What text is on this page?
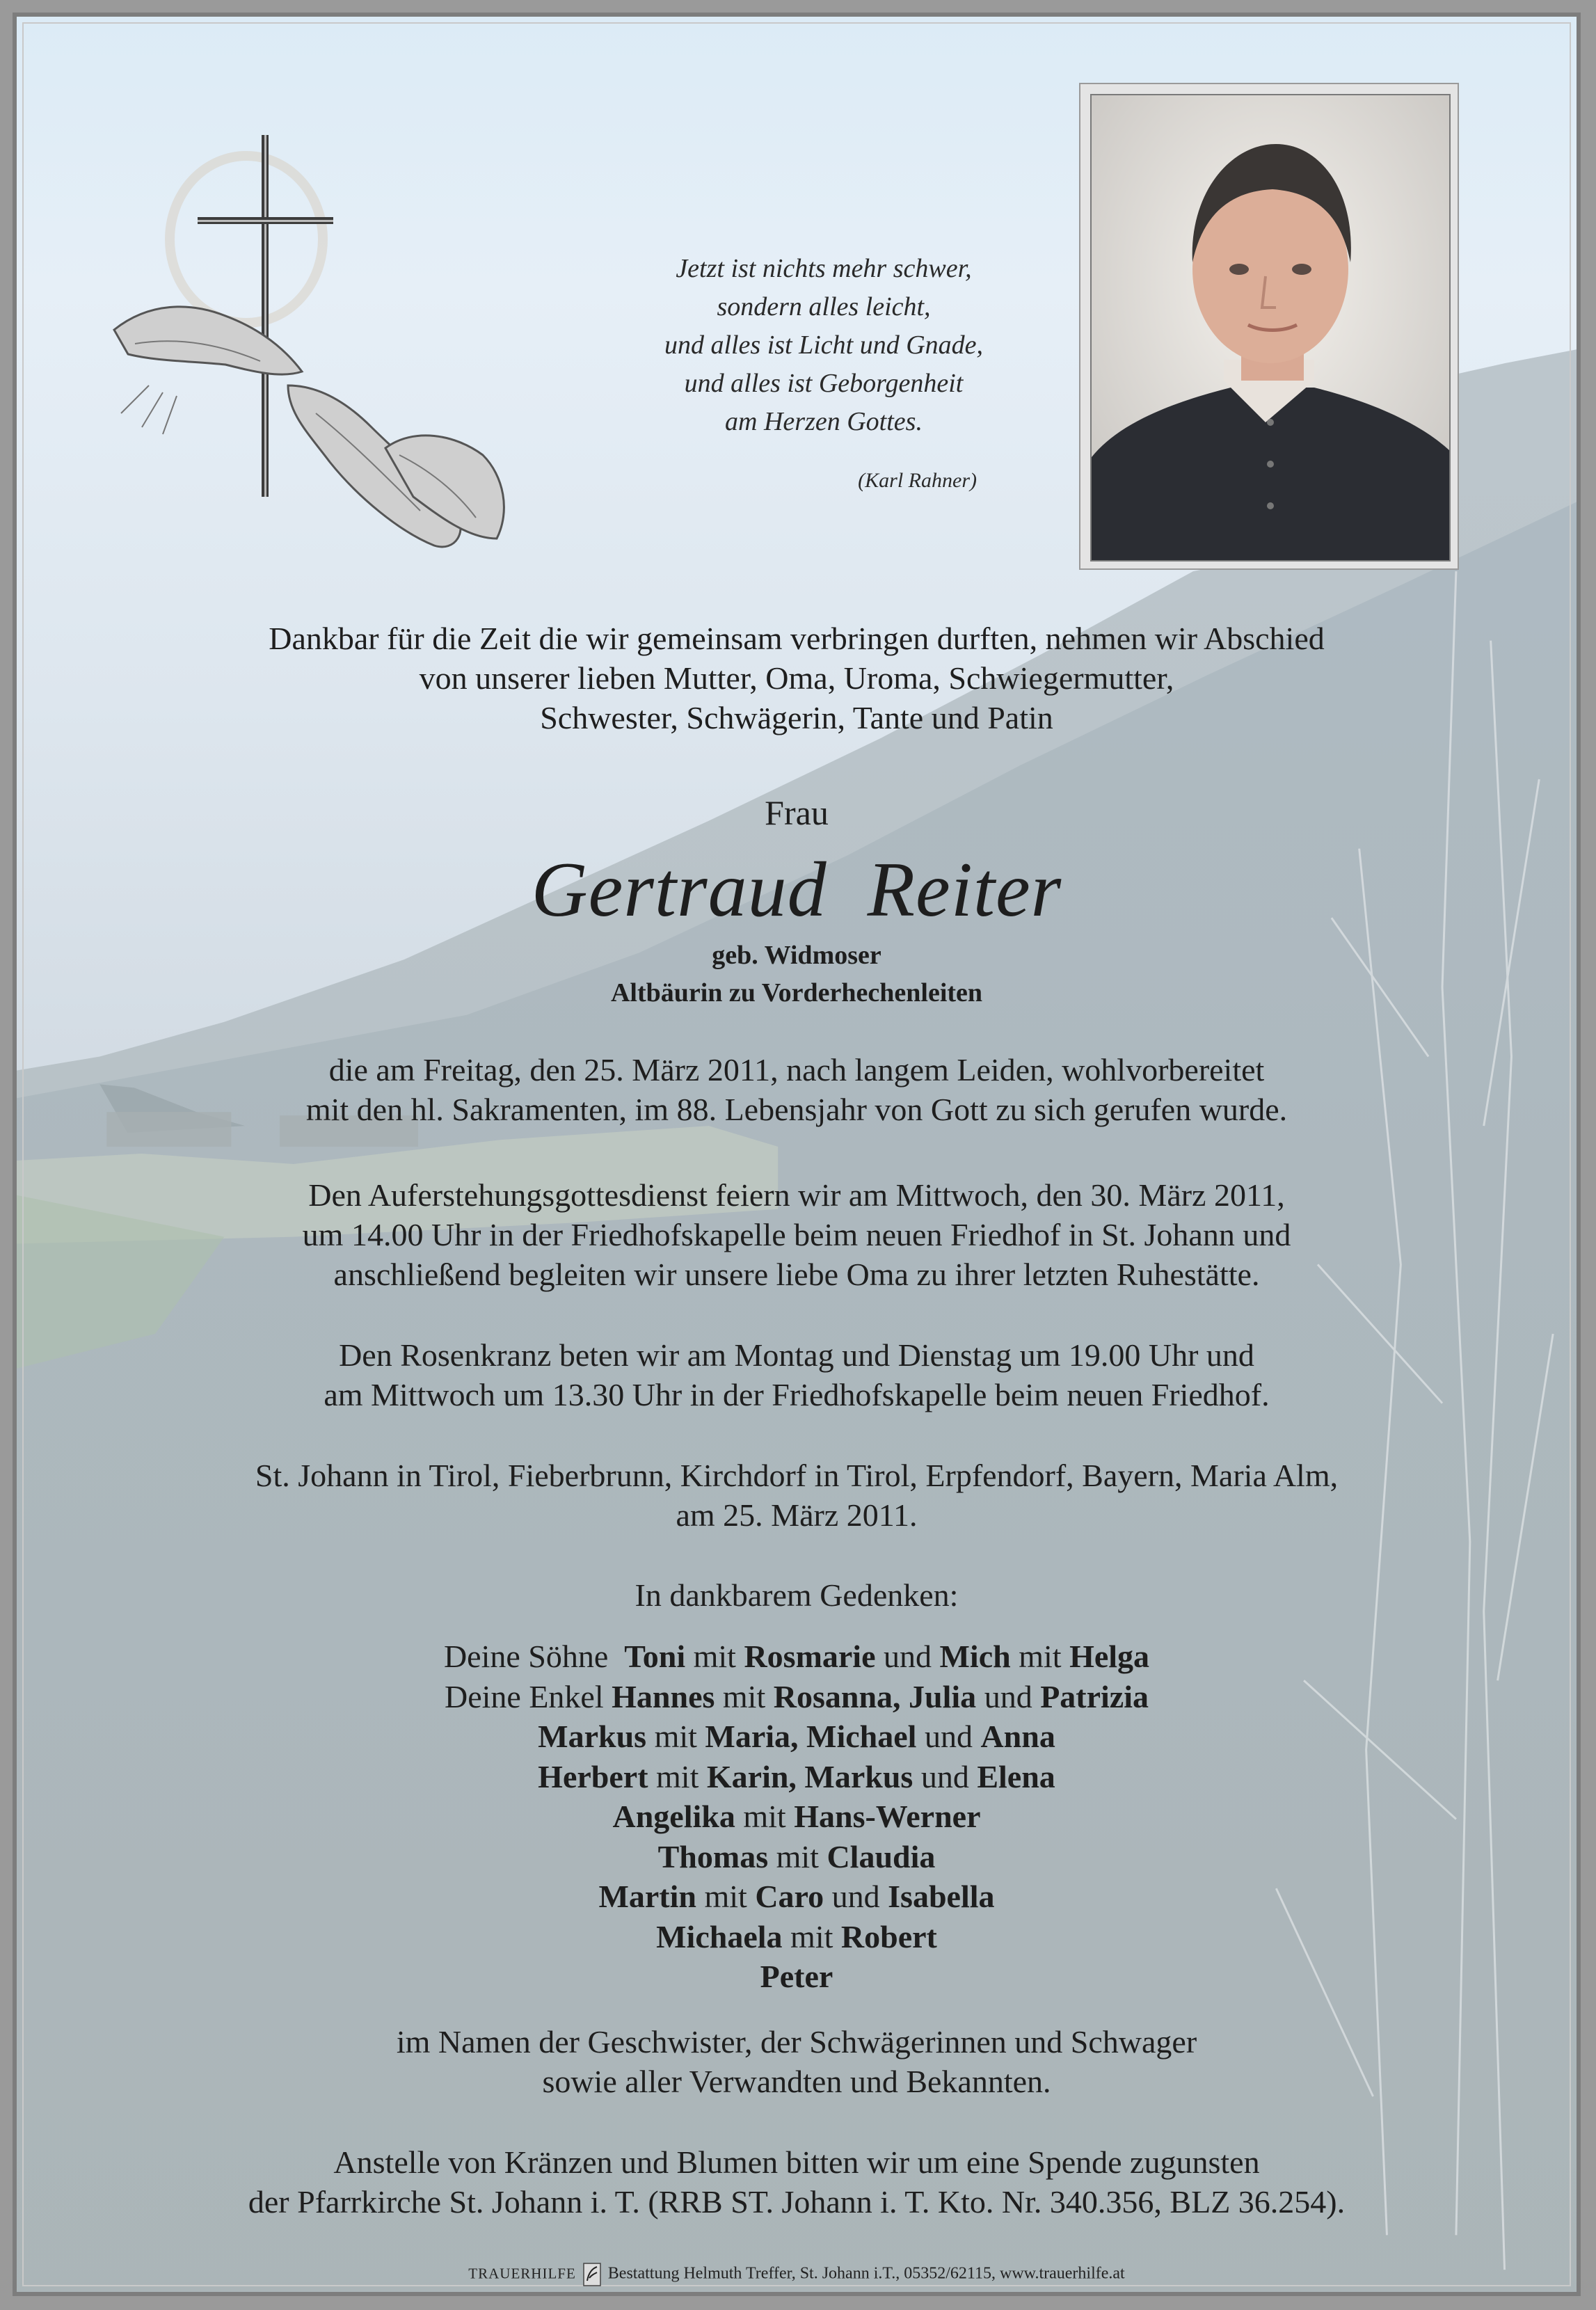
Jetzt ist nichts mehr schwer,
sondern alles leicht,
und alles ist Licht und Gnade,
und alles ist Geborgenheit
am Herzen Gottes.
(Karl Rahner)
Dankbar für die Zeit die wir gemeinsam verbringen durften, nehmen wir Abschied
von unserer lieben Mutter, Oma, Uroma, Schwiegermutter,
Schwester, Schwägerin, Tante und Patin
Frau
Gertraud  Reiter
geb. Widmoser
Altbäurin zu Vorderhechenleiten
die am Freitag, den 25. März 2011, nach langem Leiden, wohlvorbereitet
mit den hl. Sakramenten, im 88. Lebensjahr von Gott zu sich gerufen wurde.
Den Auferstehungsgottesdienst feiern wir am Mittwoch, den 30. März 2011,
um 14.00 Uhr in der Friedhofskapelle beim neuen Friedhof in St. Johann und
anschließend begleiten wir unsere liebe Oma zu ihrer letzten Ruhestätte.
Den Rosenkranz beten wir am Montag und Dienstag um 19.00 Uhr und
am Mittwoch um 13.30 Uhr in der Friedhofskapelle beim neuen Friedhof.
St. Johann in Tirol, Fieberbrunn, Kirchdorf in Tirol, Erpfendorf, Bayern, Maria Alm,
am 25. März 2011.
In dankbarem Gedenken:
Deine Söhne  Toni mit Rosmarie und Mich mit Helga
Deine Enkel Hannes mit Rosanna, Julia und Patrizia
Markus mit Maria, Michael und Anna
Herbert mit Karin, Markus und Elena
Angelika mit Hans-Werner
Thomas mit Claudia
Martin mit Caro und Isabella
Michaela mit Robert
Peter
im Namen der Geschwister, der Schwägerinnen und Schwager
sowie aller Verwandten und Bekannten.
Anstelle von Kränzen und Blumen bitten wir um eine Spende zugunsten
der Pfarrkirche St. Johann i. T. (RRB ST. Johann i. T. Kto. Nr. 340.356, BLZ 36.254).
TRAUERHILFE Bestattung Helmuth Treffer, St. Johann i.T., 05352/62115, www.trauerhilfe.at
